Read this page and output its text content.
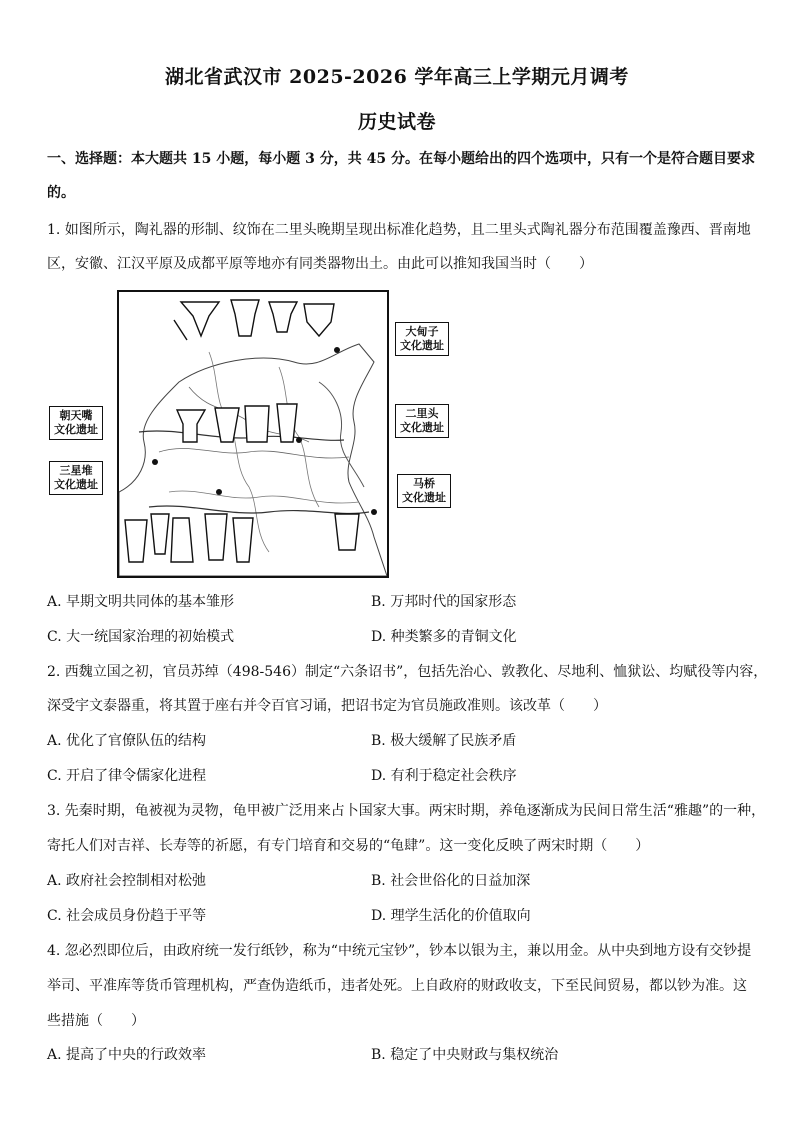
湖北省武汉市 2025-2026 学年高三上学期元月调考
历史试卷
一、选择题：本大题共 15 小题，每小题 3 分，共 45 分。在每小题给出的四个选项中，只有一个是符合题目要求
的。
1. 如图所示，陶礼器的形制、纹饰在二里头晚期呈现出标准化趋势，且二里头式陶礼器分布范围覆盖豫西、晋南地
区，安徽、江汉平原及成都平原等地亦有同类器物出土。由此可以推知我国当时（　　）
大甸子
文化遗址
二里头
文化遗址
马桥
文化遗址
朝天嘴
文化遗址
三星堆
文化遗址
A. 早期文明共同体的基本雏形	B. 万邦时代的国家形态
C. 大一统国家治理的初始模式	D. 种类繁多的青铜文化
2. 西魏立国之初，官员苏绰（498-546）制定“六条诏书”，包括先治心、敦教化、尽地利、恤狱讼、均赋役等内容，
深受宇文泰器重，将其置于座右并令百官习诵，把诏书定为官员施政准则。该改革（　　）
A. 优化了官僚队伍的结构	B. 极大缓解了民族矛盾
C. 开启了律令儒家化进程	D. 有利于稳定社会秩序
3. 先秦时期，龟被视为灵物，龟甲被广泛用来占卜国家大事。两宋时期，养龟逐渐成为民间日常生活“雅趣”的一种，
寄托人们对吉祥、长寿等的祈愿，有专门培育和交易的“龟肆”。这一变化反映了两宋时期（　　）
A. 政府社会控制相对松弛	B. 社会世俗化的日益加深
C. 社会成员身份趋于平等	D. 理学生活化的价值取向
4. 忽必烈即位后，由政府统一发行纸钞，称为“中统元宝钞”，钞本以银为主，兼以用金。从中央到地方设有交钞提
举司、平准库等货币管理机构，严查伪造纸币，违者处死。上自政府的财政收支，下至民间贸易，都以钞为准。这
些措施（　　）
A. 提高了中央的行政效率	B. 稳定了中央财政与集权统治
